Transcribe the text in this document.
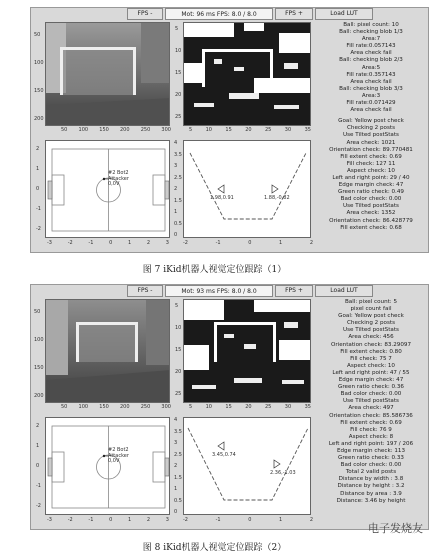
FPS -	Mot: 96 ms FPS: 8.0 / 8.0	FPS +	Load LUT
50 100 150 200 250 300
50
100
150
200
5	10	15	20	25	30	35
5
10
15
20
25
#2 Bot2
Attacker
0,0V
-3	-2	-1	0	1	2	3
2
1
0
-1
-2
1.98,0.91	1.88,-0.82
-2	-1	0	1	2
4
3.5
3
2.5
2
1.5
1
0.5
0
Ball: pixel count: 10
Ball: checking blob 1/3
Area:7
Fill rate:0.057143
Area check fail
Ball: checking blob 2/3
Area:5
Fill rate:0.357143
Area check fail
Ball: checking blob 3/3
Area:3
Fill rate:0.071429
Area check fail
Goal: Yellow post check
Checking 2 posts
Use Tilted postStats
Area check: 1021
Orientation check: 89.770481
Fill extent check: 0.69
Fill check: 127 11
Aspect check: 10
Left and right point: 29 / 40
Edge margin check: 47
Green ratio check: 0.49
Bad color check: 0.00
Use Tilted postStats
Area check: 1352
Orientation check: 86.428779
Fill extent check: 0.68
图 7 iKid机器人视觉定位跟踪（1）
FPS -	Mot: 93 ms FPS: 8.0 / 8.0	FPS +	Load LUT
50 100 150 200 250 300
50
100
150
200
5	10	15	20	25	30	35
5
10
15
20
25
#2 Bot2
Attacker
0,0V
-3	-2	-1	0	1	2	3
2
1
0
-1
-2
3.45,0.74
2.36,-1.03
-2	-1	0	1	2
4
3.5
3
2.5
2
1.5
1
0.5
0
Ball: pixel count: 5
pixel count fail
Goal: Yellow post check
Checking 2 posts
Use Tilted postStats
Area check: 456
Orientation check: 83.29097
Fill extent check: 0.80
Fill check: 75 7
Aspect check: 10
Left and right point: 47 / 55
Edge margin check: 47
Green ratio check: 0.36
Bad color check: 0.00
Use Tilted postStats
Area check: 497
Orientation check: 85.586736
Fill extent check: 0.69
Fill check: 76 9
Aspect check: 8
Left and right point: 197 / 206
Edge margin check: 113
Green ratio check: 0.33
Bad color check: 0.00
Total 2 valid posts
Distance by width : 3.8
Distance by height : 3.2
Distance by area : 3.9
Distance: 3.46 by height
图 8 iKid机器人视觉定位跟踪（2）
电子发烧友
